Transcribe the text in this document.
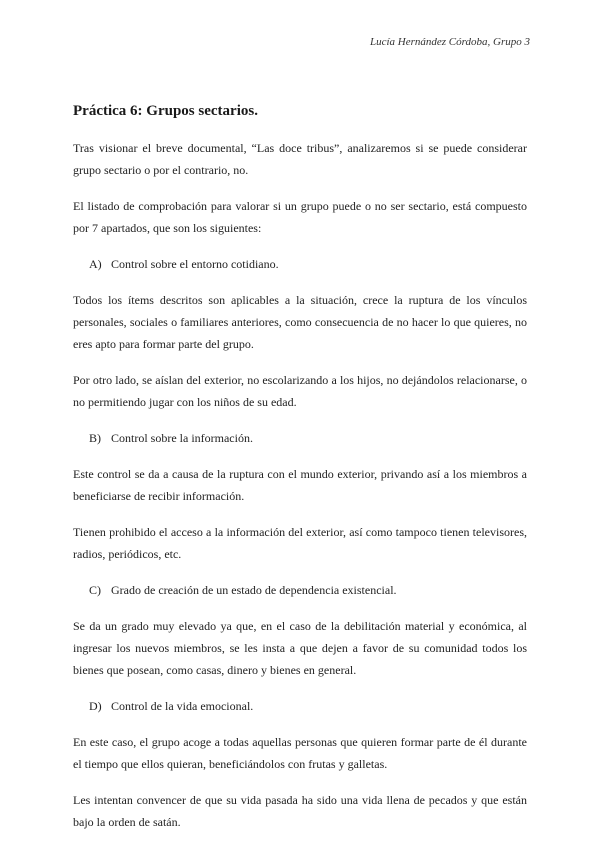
Lucía Hernández Córdoba, Grupo 3
Práctica 6: Grupos sectarios.

Tras visionar el breve documental, “Las doce tribus”, analizaremos si se puede considerar grupo sectario o por el contrario, no.

El listado de comprobación para valorar si un grupo puede o no ser sectario, está compuesto por 7 apartados, que son los siguientes:

A) Control sobre el entorno cotidiano.

Todos los ítems descritos son aplicables a la situación, crece la ruptura de los vínculos personales, sociales o familiares anteriores, como consecuencia de no hacer lo que quieres, no eres apto para formar parte del grupo.

Por otro lado, se aíslan del exterior, no escolarizando a los hijos, no dejándolos relacionarse, o no permitiendo jugar con los niños de su edad.

B) Control sobre la información.

Este control se da a causa de la ruptura con el mundo exterior, privando así a los miembros a beneficiarse de recibir información.

Tienen prohibido el acceso a la información del exterior, así como tampoco tienen televisores, radios, periódicos, etc.

C) Grado de creación de un estado de dependencia existencial.

Se da un grado muy elevado ya que, en el caso de la debilitación material y económica, al ingresar los nuevos miembros, se les insta a que dejen a favor de su comunidad todos los bienes que posean, como casas, dinero y bienes en general.

D) Control de la vida emocional.

En este caso, el grupo acoge a todas aquellas personas que quieren formar parte de él durante el tiempo que ellos quieran, beneficiándolos con frutas y galletas.

Les intentan convencer de que su vida pasada ha sido una vida llena de pecados y que están bajo la orden de satán.
